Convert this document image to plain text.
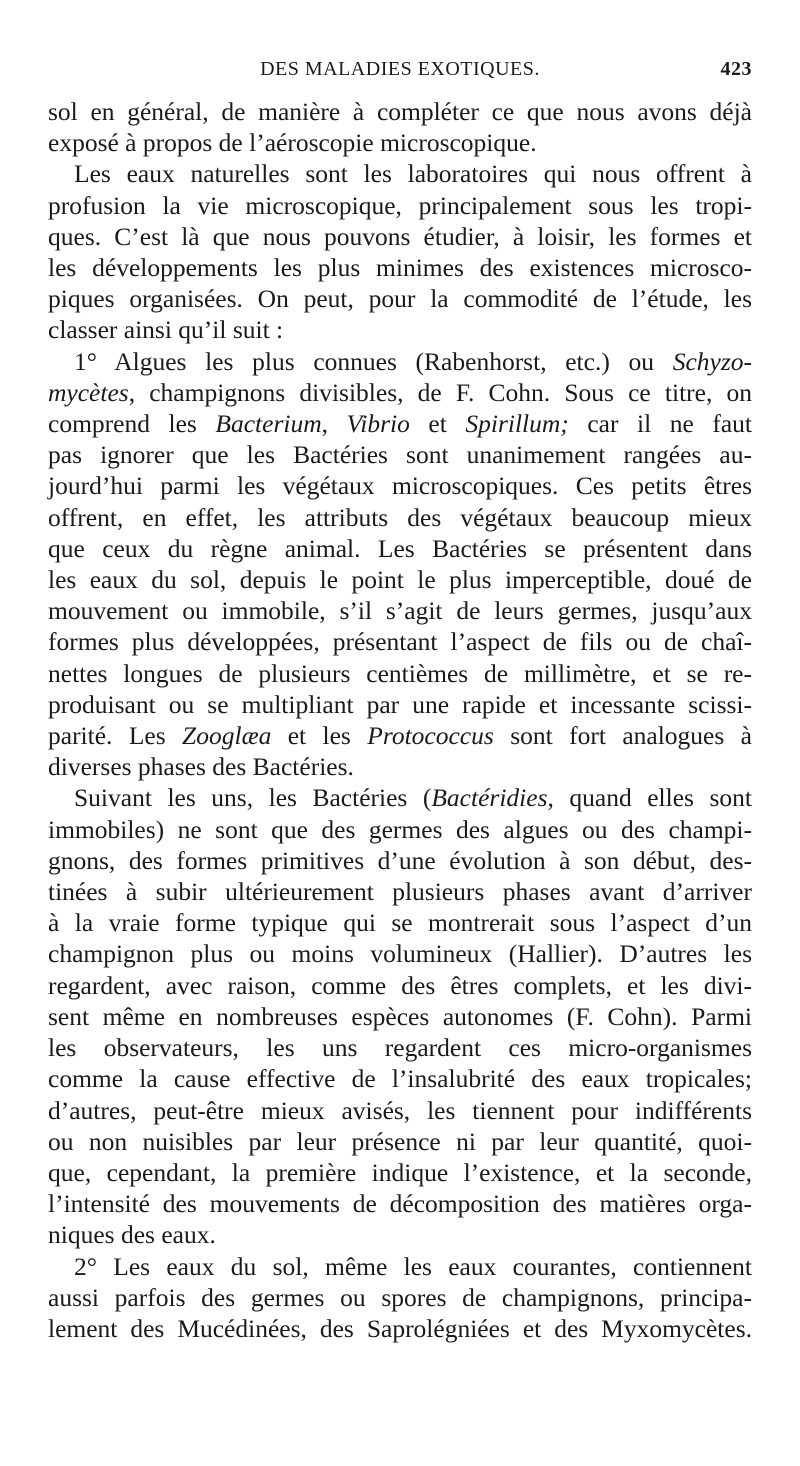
DES MALADIES EXOTIQUES.	423

sol en général, de manière à compléter ce que nous avons déjà
exposé à propos de l’aéroscopie microscopique.

Les eaux naturelles sont les laboratoires qui nous offrent à
profusion la vie microscopique, principalement sous les tropi-
ques. C’est là que nous pouvons étudier, à loisir, les formes et
les développements les plus minimes des existences microsco-
piques organisées. On peut, pour la commodité de l’étude, les
classer ainsi qu’il suit :

1° Algues les plus connues (Rabenhorst, etc.) ou Schyzo-
mycètes, champignons divisibles, de F. Cohn. Sous ce titre, on
comprend les Bacterium, Vibrio et Spirillum; car il ne faut
pas ignorer que les Bactéries sont unanimement rangées au-
jourd’hui parmi les végétaux microscopiques. Ces petits êtres
offrent, en effet, les attributs des végétaux beaucoup mieux
que ceux du règne animal. Les Bactéries se présentent dans
les eaux du sol, depuis le point le plus imperceptible, doué de
mouvement ou immobile, s’il s’agit de leurs germes, jusqu’aux
formes plus développées, présentant l’aspect de fils ou de chaî-
nettes longues de plusieurs centièmes de millimètre, et se re-
produisant ou se multipliant par une rapide et incessante scissi-
parité. Les Zooglæa et les Protococcus sont fort analogues à
diverses phases des Bactéries.

Suivant les uns, les Bactéries (Bactéridies, quand elles sont
immobiles) ne sont que des germes des algues ou des champi-
gnons, des formes primitives d’une évolution à son début, des-
tinées à subir ultérieurement plusieurs phases avant d’arriver
à la vraie forme typique qui se montrerait sous l’aspect d’un
champignon plus ou moins volumineux (Hallier). D’autres les
regardent, avec raison, comme des êtres complets, et les divi-
sent même en nombreuses espèces autonomes (F. Cohn). Parmi
les observateurs, les uns regardent ces micro-organismes
comme la cause effective de l’insalubrité des eaux tropicales;
d’autres, peut-être mieux avisés, les tiennent pour indifférents
ou non nuisibles par leur présence ni par leur quantité, quoi-
que, cependant, la première indique l’existence, et la seconde,
l’intensité des mouvements de décomposition des matières orga-
niques des eaux.

2° Les eaux du sol, même les eaux courantes, contiennent
aussi parfois des germes ou spores de champignons, principa-
lement des Mucédinées, des Saprolégniées et des Myxomycètes.
